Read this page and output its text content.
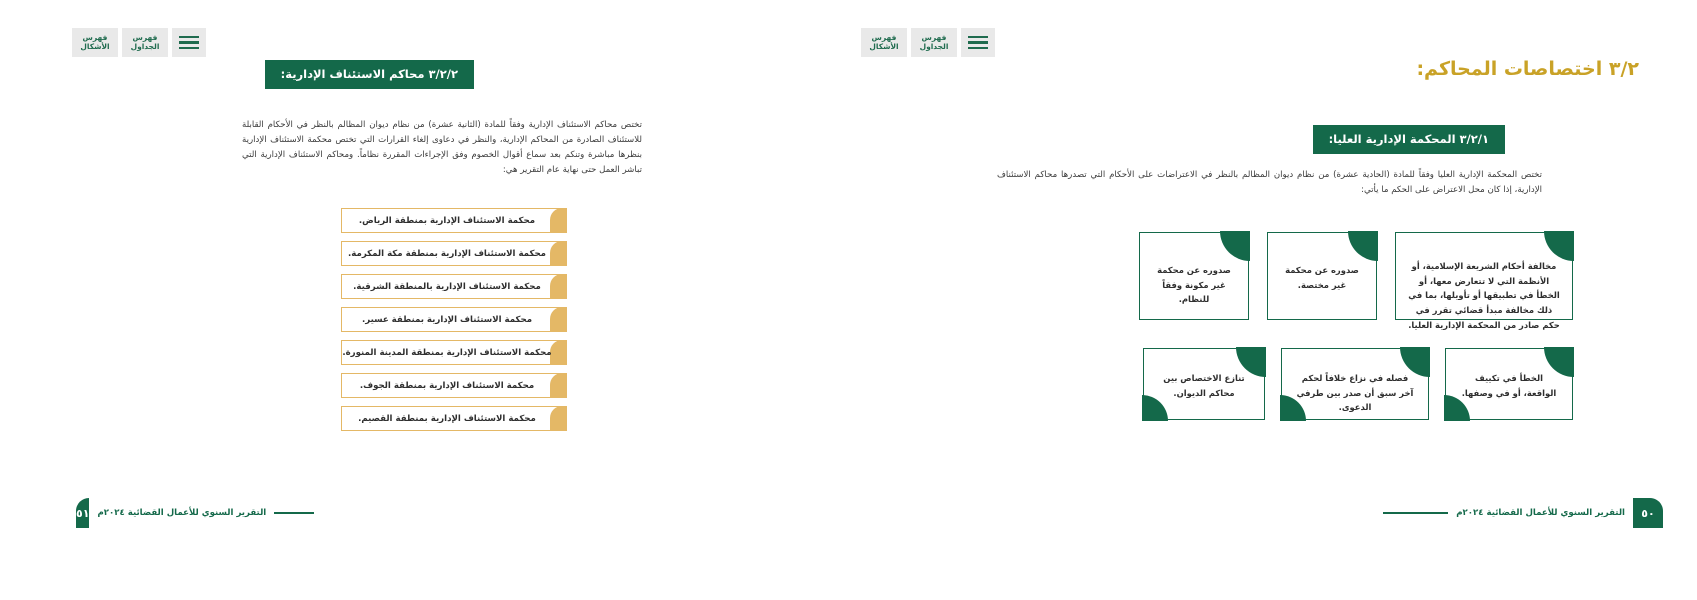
فهرس
الجداول
فهرس
الأشكال
٣/٢ اختصاصات المحاكم:
٣/٢/١ المحكمة الإدارية العليا:
تختص المحكمة الإدارية العليا وفقاً للمادة (الحادية عشرة) من نظام ديوان المظالم بالنظر في الاعتراضات على الأحكام التي تصدرها محاكم الاستئناف الإدارية، إذا كان محل الاعتراض على الحكم ما يأتي:
مخالفة أحكام الشريعة الإسلامية، أو الأنظمة التي لا تتعارض معها، أو الخطأ في تطبيقها أو تأويلها، بما في ذلك مخالفة مبدأ قضائي تقرر في حكم صادر من المحكمة الإدارية العليا.
صدوره عن محكمة غير مختصة.
صدوره عن محكمة غير مكونة وفقاً للنظام.
الخطأ في تكييف الواقعة، أو في وصفها.
فصله في نزاع خلافاً لحكم آخر سبق أن صدر بين طرفي الدعوى.
تنازع الاختصاص بين محاكم الديوان.
٥٠
التقرير السنوي للأعمال القضائية ٢٠٢٤م
فهرس
الجداول
فهرس
الأشكال
٣/٢/٢ محاكم الاستئناف الإدارية:
تختص محاكم الاستئناف الإدارية وفقاً للمادة (الثانية عشرة) من نظام ديوان المظالم بالنظر في الأحكام القابلة للاستئناف الصادرة من المحاكم الإدارية، والنظر في دعاوى إلغاء القرارات التي تختص محكمة الاستئناف الإدارية بنظرها مباشرة وتنكم بعد سماع أقوال الخصوم وفق الإجراءات المقررة نظاماً. ومحاكم الاستئناف الإدارية التي تباشر العمل حتى نهاية عام التقرير هي:
محكمة الاستئناف الإدارية بمنطقة الرياض.
محكمة الاستئناف الإدارية بمنطقة مكة المكرمة.
محكمة الاستئناف الإدارية بالمنطقة الشرقية.
محكمة الاستئناف الإدارية بمنطقة عسير.
محكمة الاستئناف الإدارية بمنطقة المدينة المنورة.
محكمة الاستئناف الإدارية بمنطقة الجوف.
محكمة الاستئناف الإدارية بمنطقة القصيم.
٥١ التقرير السنوي للأعمال القضائية ٢٠٢٤م
